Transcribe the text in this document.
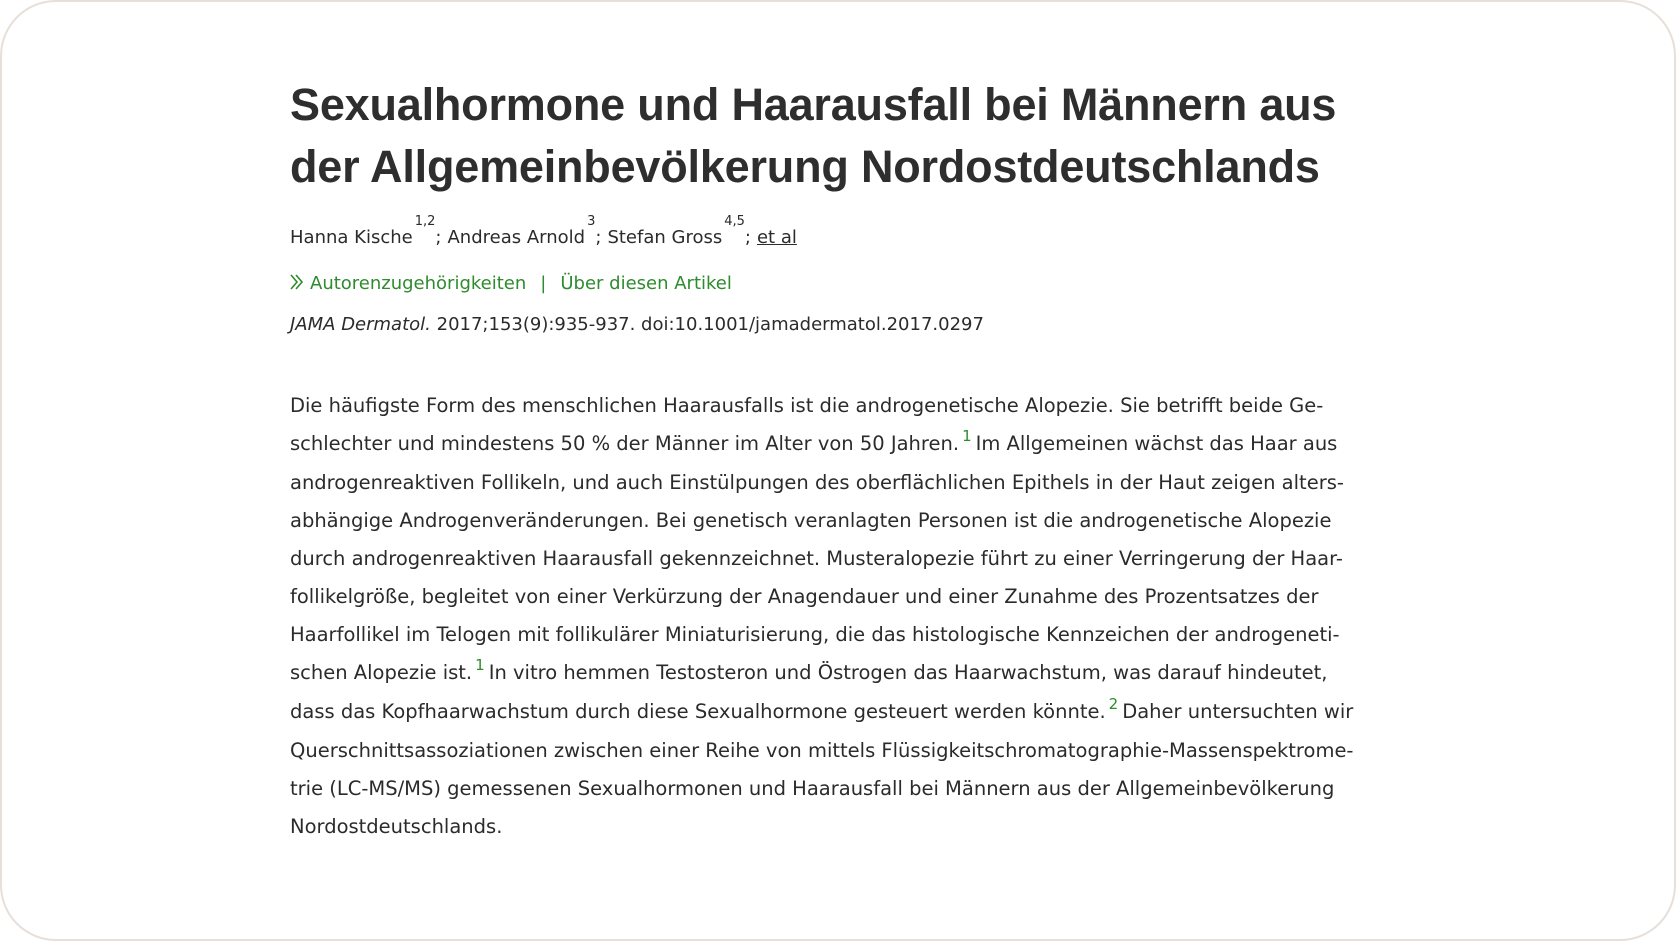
Sexualhormone und Haarausfall bei Männern aus
der Allgemeinbevölkerung Nordostdeutschlands
Hanna Kische$^{1,2}$; Andreas Arnold$^3$; Stefan Gross$^{4,5}$; et al
Autorenzugehörigkeiten | Über diesen Artikel
JAMA Dermatol. 2017;153(9):935-937. doi:10.1001/jamadermatol.2017.0297
Die häufigste Form des menschlichen Haarausfalls ist die androgenetische Alopezie. Sie betrifft beide Ge-
schlechter und mindestens 50 % der Männer im Alter von 50 Jahren. $^1$ Im Allgemeinen wächst das Haar aus
androgenreaktiven Follikeln, und auch Einstülpungen des oberflächlichen Epithels in der Haut zeigen alters-
abhängige Androgenveränderungen. Bei genetisch veranlagten Personen ist die androgenetische Alopezie
durch androgenreaktiven Haarausfall gekennzeichnet. Musteralopezie führt zu einer Verringerung der Haar-
follikelgröße, begleitet von einer Verkürzung der Anagendauer und einer Zunahme des Prozentsatzes der
Haarfollikel im Telogen mit follikulärer Miniaturisierung, die das histologische Kennzeichen der androgeneti-
schen Alopezie ist. $^1$ In vitro hemmen Testosteron und Östrogen das Haarwachstum, was darauf hindeutet,
dass das Kopfhaarwachstum durch diese Sexualhormone gesteuert werden könnte. $^2$ Daher untersuchten wir
Querschnittsassoziationen zwischen einer Reihe von mittels Flüssigkeitschromatographie-Massenspektrome-
trie (LC-MS/MS) gemessenen Sexualhormonen und Haarausfall bei Männern aus der Allgemeinbevölkerung
Nordostdeutschlands.
